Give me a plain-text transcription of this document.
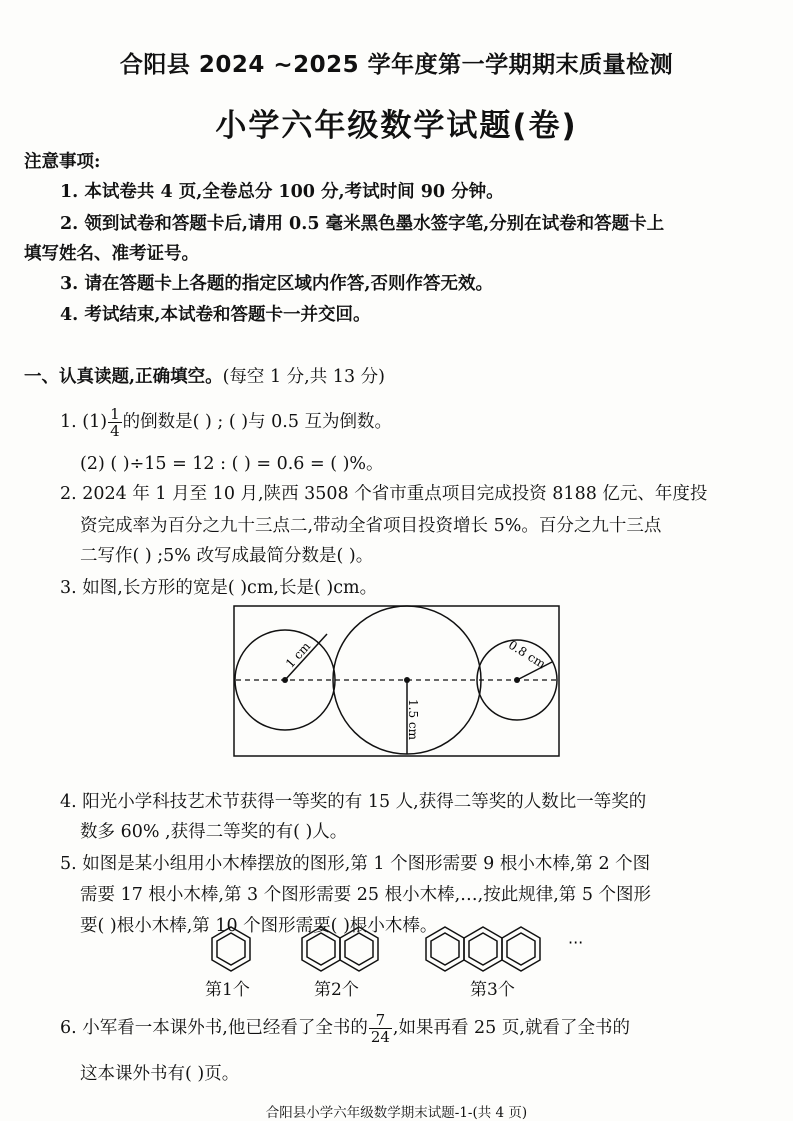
合阳县 2024 ~2025 学年度第一学期期末质量检测
小学六年级数学试题(卷)
注意事项:
1. 本试卷共 4 页,全卷总分 100 分,考试时间 90 分钟。
2. 领到试卷和答题卡后,请用 0.5 毫米黑色墨水签字笔,分别在试卷和答题卡上
填写姓名、准考证号。
3. 请在答题卡上各题的指定区域内作答,否则作答无效。
4. 考试结束,本试卷和答题卡一并交回。
一、认真读题,正确填空。(每空 1 分,共 13 分)
1. $(1) \frac{1}{4}$ 的倒数是( ) ; ( )与 0.5 互为倒数。
(2) ( )÷15 = 12 : ( ) = 0.6 = ( )%。
2. 2024 年 1 月至 10 月,陕西 3508 个省市重点项目完成投资 8188 亿元、年度投
资完成率为百分之九十三点二,带动全省项目投资增长 5%。百分之九十三点
二写作( ) ;5% 改写成最简分数是( )。
3. 如图,长方形的宽是( )cm,长是( )cm。
1 cm
1.5 cm
0.8 cm
4. 阳光小学科技艺术节获得一等奖的有 15 人,获得二等奖的人数比一等奖的
数多 60% ,获得二等奖的有( )人。
5. 如图是某小组用小木棒摆放的图形,第 1 个图形需要 9 根小木棒,第 2 个图
需要 17 根小木棒,第 3 个图形需要 25 根小木棒,…,按此规律,第 5 个图形
要( )根小木棒,第 10 个图形需要( )根小木棒。
···
第1个	第2个	第3个
6. 小军看一本课外书,他已经看了全书的 $\frac{7}{24}$ ,如果再看 25 页,就看了全书的
这本课外书有( )页。
合阳县小学六年级数学期末试题-1-(共 4 页)
